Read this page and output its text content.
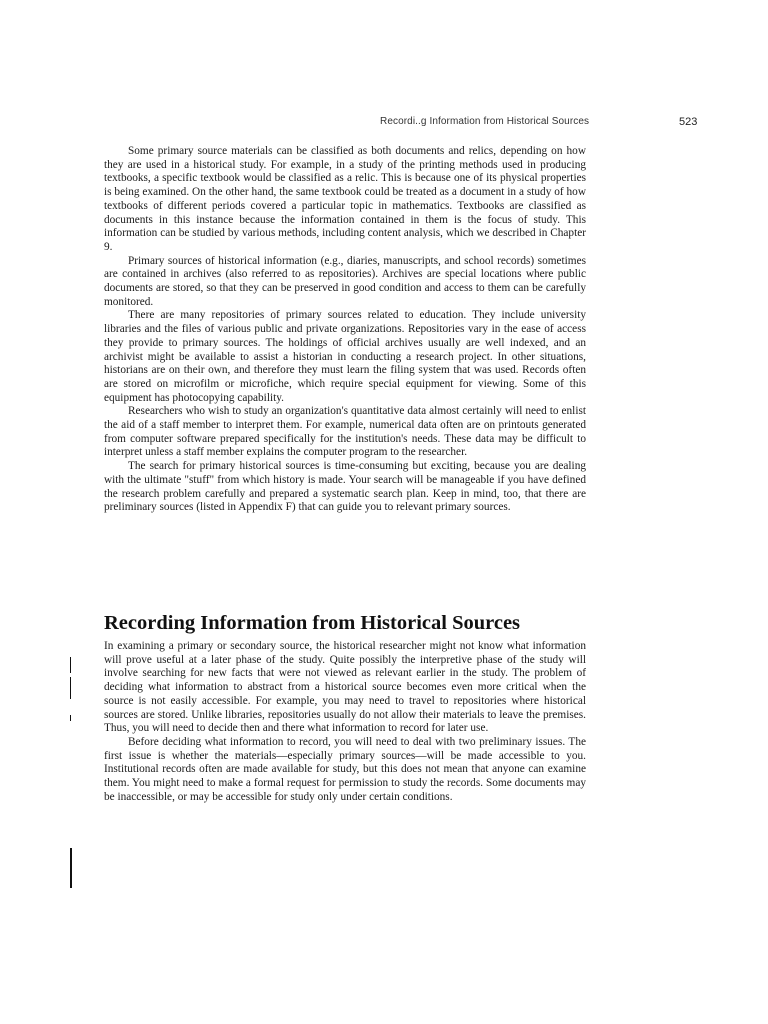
Recordi..g Information from Historical Sources	523

Some primary source materials can be classified as both documents and relics, depending on how they are used in a historical study. For example, in a study of the printing methods used in producing textbooks, a specific textbook would be classified as a relic. This is because one of its physical properties is being examined. On the other hand, the same textbook could be treated as a document in a study of how textbooks of different periods covered a particular topic in mathematics. Textbooks are classified as documents in this instance because the information contained in them is the focus of study. This information can be studied by various methods, including content analysis, which we described in Chapter 9.

Primary sources of historical information (e.g., diaries, manuscripts, and school records) sometimes are contained in archives (also referred to as repositories). Archives are special locations where public documents are stored, so that they can be preserved in good condition and access to them can be carefully monitored.

There are many repositories of primary sources related to education. They include university libraries and the files of various public and private organizations. Repositories vary in the ease of access they provide to primary sources. The holdings of official archives usually are well indexed, and an archivist might be available to assist a historian in conducting a research project. In other situations, historians are on their own, and therefore they must learn the filing system that was used. Records often are stored on microfilm or microfiche, which require special equipment for viewing. Some of this equipment has photocopying capability.

Researchers who wish to study an organization's quantitative data almost certainly will need to enlist the aid of a staff member to interpret them. For example, numerical data often are on printouts generated from computer software prepared specifically for the institution's needs. These data may be difficult to interpret unless a staff member explains the computer program to the researcher.

The search for primary historical sources is time-consuming but exciting, because you are dealing with the ultimate "stuff" from which history is made. Your search will be manageable if you have defined the research problem carefully and prepared a systematic search plan. Keep in mind, too, that there are preliminary sources (listed in Appendix F) that can guide you to relevant primary sources.

Recording Information from Historical Sources

In examining a primary or secondary source, the historical researcher might not know what information will prove useful at a later phase of the study. Quite possibly the interpretive phase of the study will involve searching for new facts that were not viewed as relevant earlier in the study. The problem of deciding what information to abstract from a historical source becomes even more critical when the source is not easily accessible. For example, you may need to travel to repositories where historical sources are stored. Unlike libraries, repositories usually do not allow their materials to leave the premises. Thus, you will need to decide then and there what information to record for later use.

Before deciding what information to record, you will need to deal with two preliminary issues. The first issue is whether the materials—especially primary sources—will be made accessible to you. Institutional records often are made available for study, but this does not mean that anyone can examine them. You might need to make a formal request for permission to study the records. Some documents may be inaccessible, or may be accessible for study only under certain conditions.
